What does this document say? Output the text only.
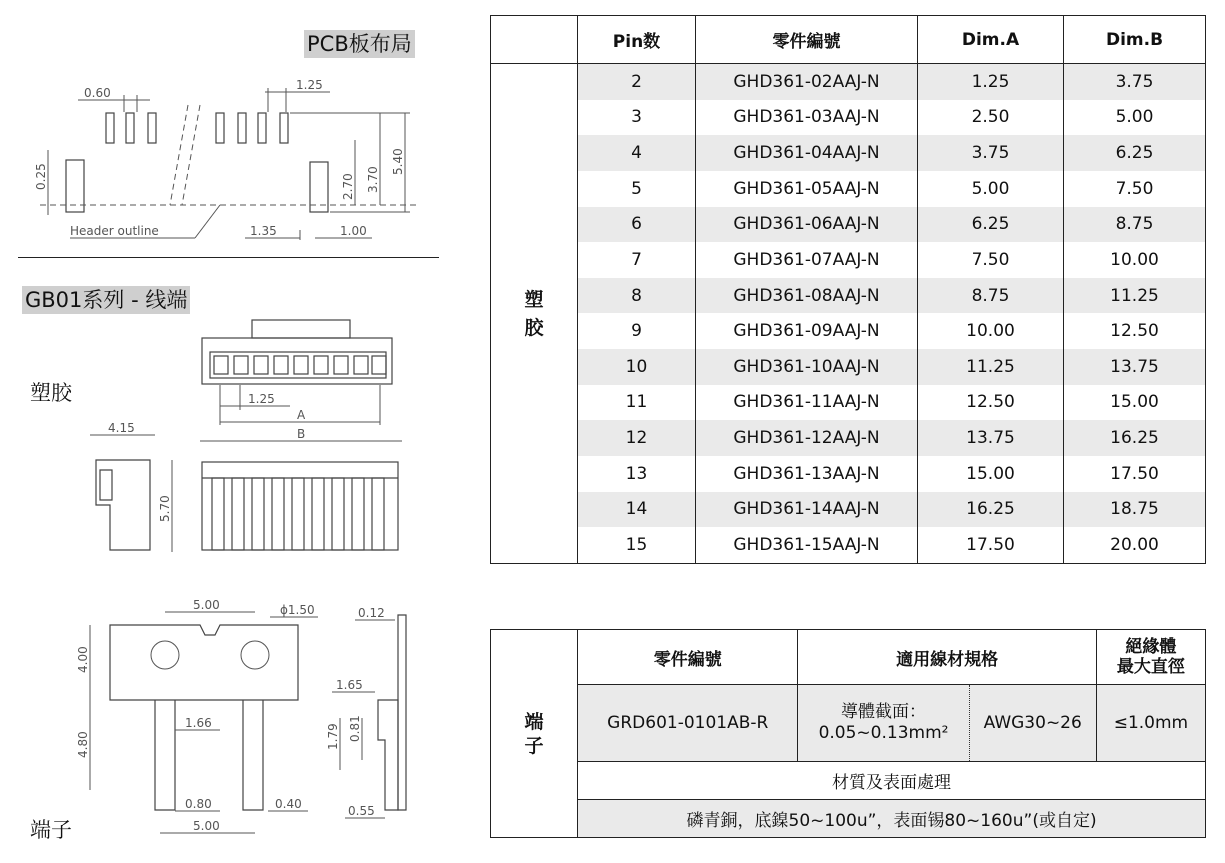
PCB板布局
GB01系列 - 线端
塑胶
端子
0.60
1.25
2.70 3.70
5.40
0.25
Header outline	1.35	1.00
1.25
A
B
4.15
5.70
5.00	ϕ1.50
4.00
4.80
1.66
0.80	0.40
5.00
0.12
1.65
1.79 0.81
0.55
	Pin数	零件編號	Dim.A	Dim.B
塑
胶	2	GHD361-02AAJ-N	1.25	3.75
	3	GHD361-03AAJ-N	2.50	5.00
	4	GHD361-04AAJ-N	3.75	6.25
	5	GHD361-05AAJ-N	5.00	7.50
	6	GHD361-06AAJ-N	6.25	8.75
	7	GHD361-07AAJ-N	7.50	10.00
	8	GHD361-08AAJ-N	8.75	11.25
	9	GHD361-09AAJ-N	10.00	12.50
	10	GHD361-10AAJ-N	11.25	13.75
	11	GHD361-11AAJ-N	12.50	15.00
	12	GHD361-12AAJ-N	13.75	16.25
	13	GHD361-13AAJ-N	15.00	17.50
	14	GHD361-14AAJ-N	16.25	18.75
	15	GHD361-15AAJ-N	17.50	20.00
端
子	零件編號	適用線材規格		絕緣體
最大直徑
	GRD601-0101AB-R	導體截面：
0.05~0.13mm²	AWG30~26	≤1.0mm
	材質及表面處理			
	磷青銅，底鎳50~100u”，表面锡80~160u”(或自定)			
